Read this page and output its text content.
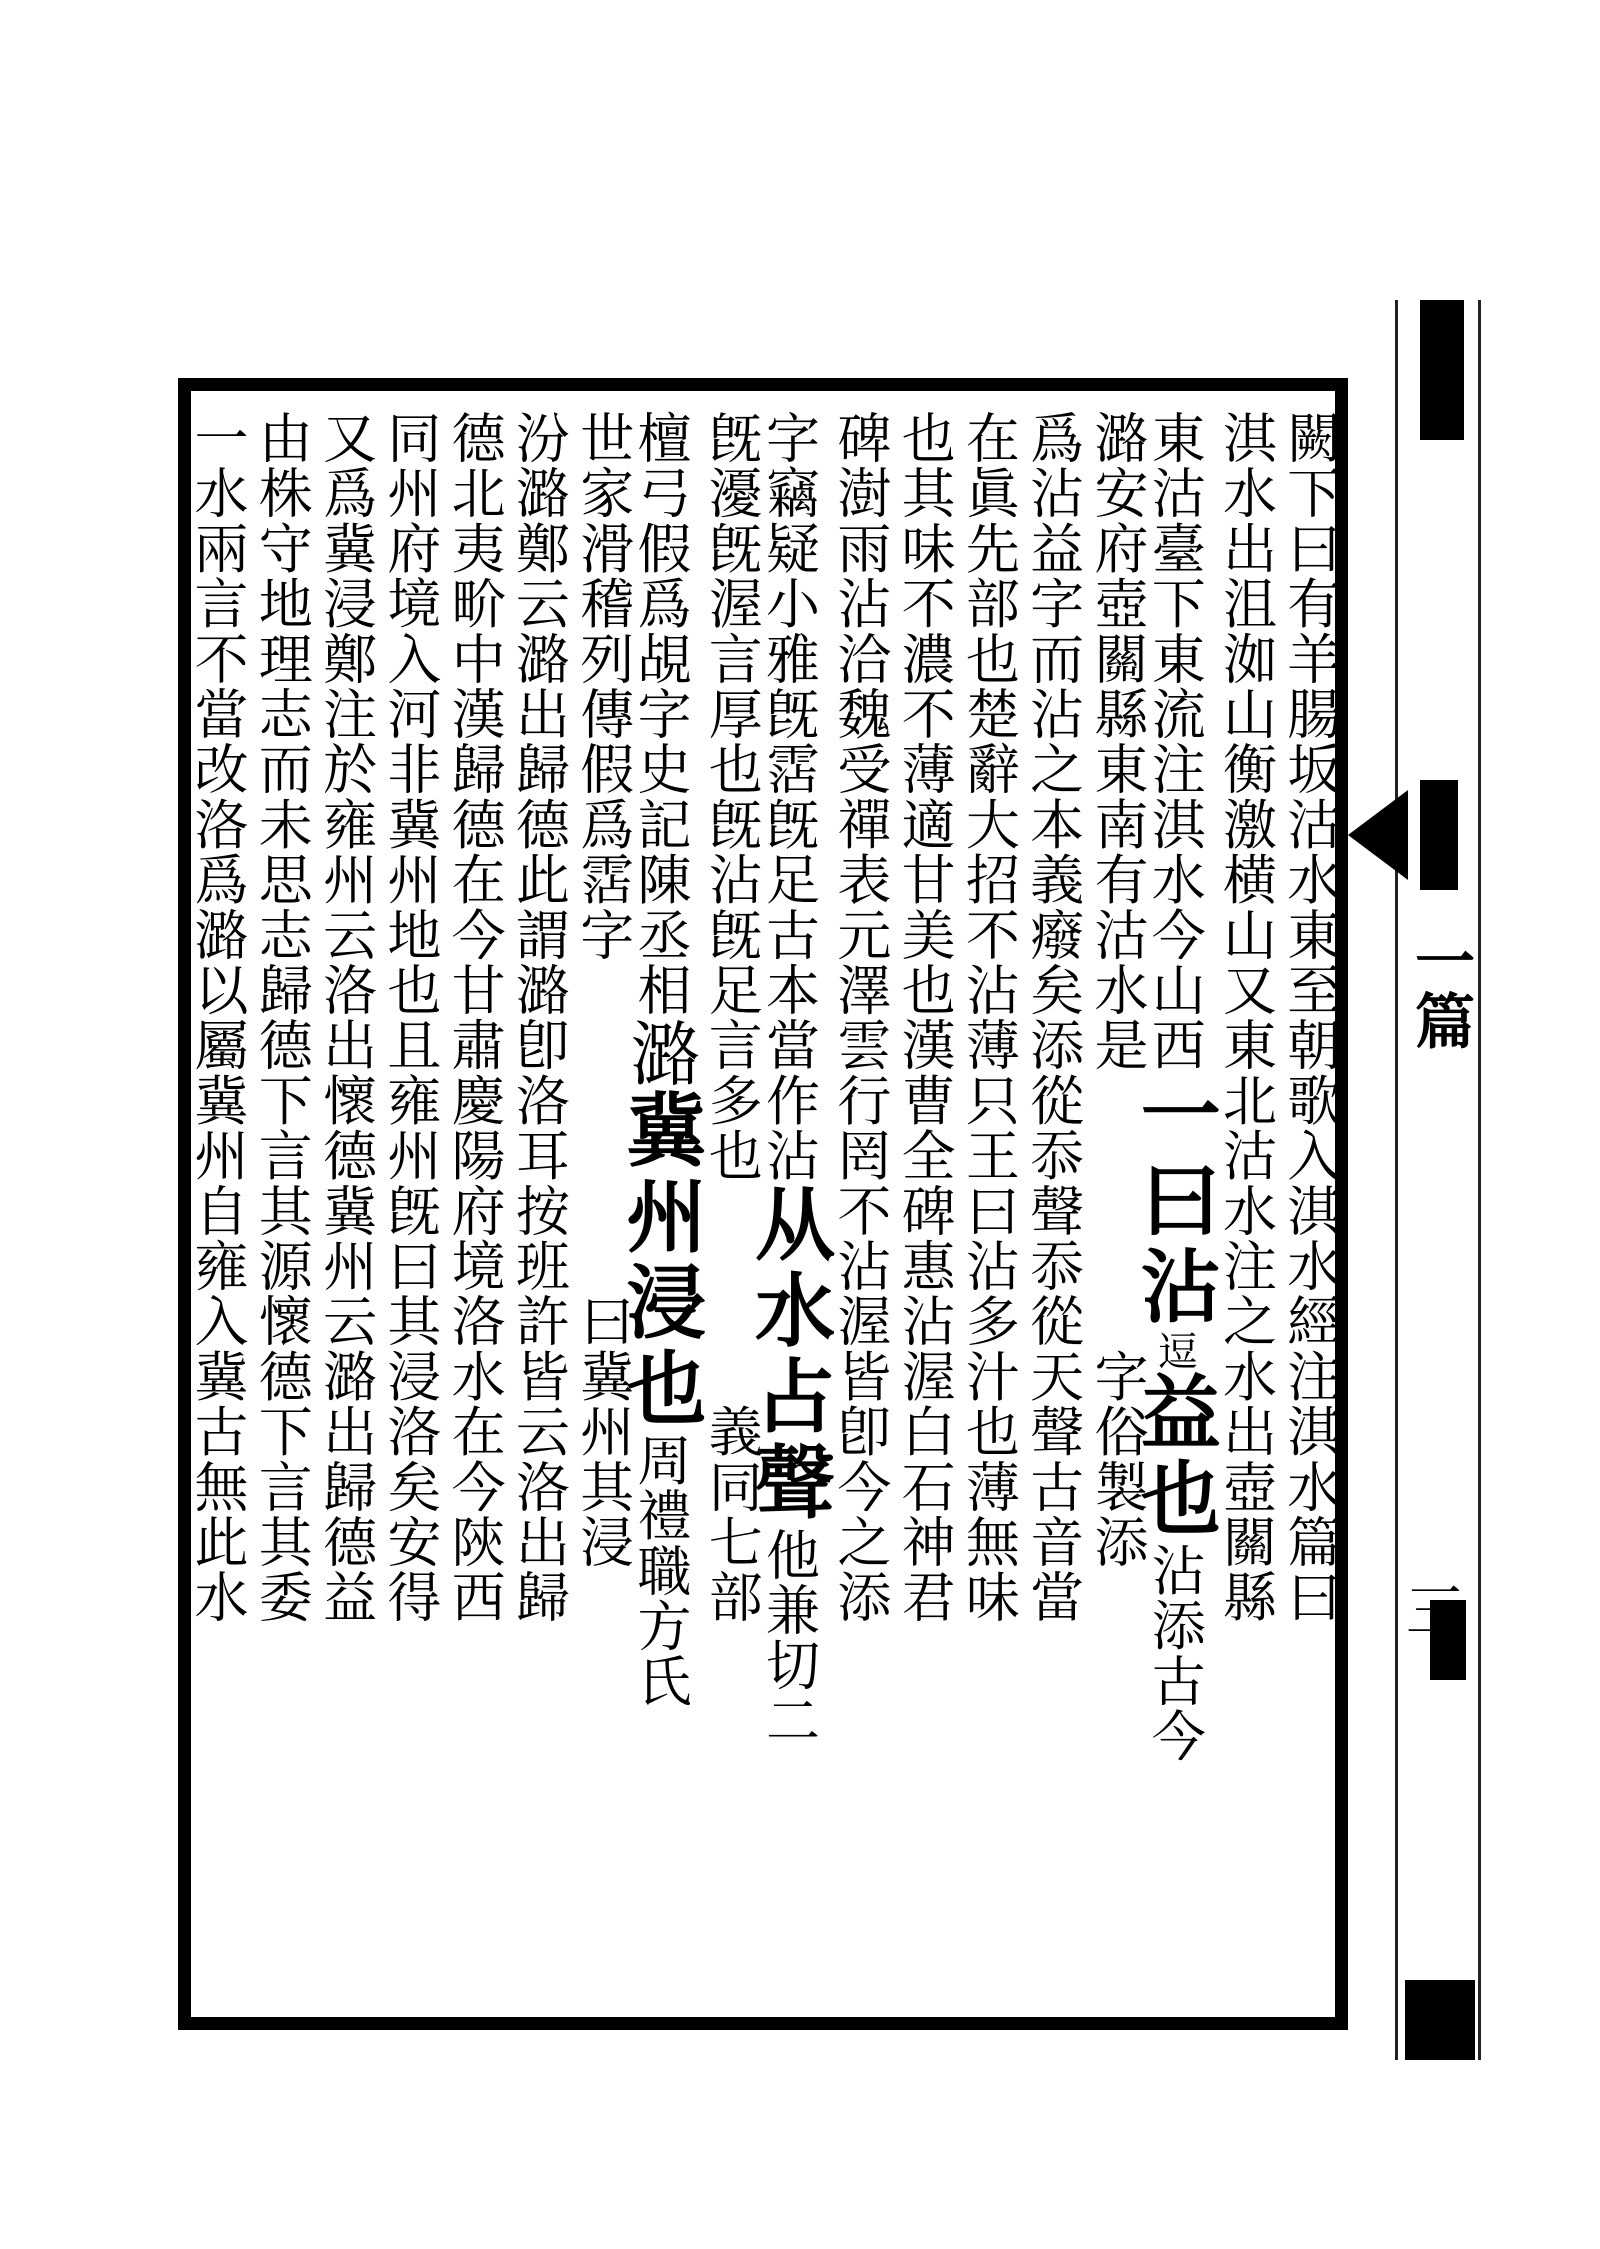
闕下曰有羊腸坂沽水東至朝歌入淇水經注淇水篇曰
淇水出沮洳山衡激横山又東北沽水注之水出壺關縣
東沽臺下東流注淇水今山西一曰沾逗益也沾添古今
潞安府壺關縣東南有沽水是　　　　　字俗製添
爲沾益字而沾之本義癈矣添從忝聲忝從天聲古音當
在眞先部也楚辭大招不沾薄只王曰沾多汁也薄無味
也其味不濃不薄適甘美也漢曹全碑惠沾渥白石神君
碑澍雨沾洽魏受禪表元澤雲行罔不沾渥皆卽今之添
字竊疑小雅旣霑旣足古本當作沾从水占聲他兼切二
旣瀀旣渥言厚也旣沾旣足言多也　　　　義同七部
檀弓假爲覘字史記陳丞相潞冀州浸也周禮職方氏
世家滑稽列傳假爲霑字　　　　　　曰冀州其浸
汾潞鄭云潞出歸德此謂潞卽洛耳按班許皆云洛出歸
德北夷畍中漢歸德在今甘肅慶陽府境洛水在今陝西
同州府境入河非冀州地也且雍州旣曰其浸洛矣安得
又爲冀浸鄭注於雍州云洛出懷德冀州云潞出歸德益
由株守地理志而未思志歸德下言其源懷德下言其委
一水兩言不當改洛爲潞以屬冀州自雍入冀古無此水	一篇
三
